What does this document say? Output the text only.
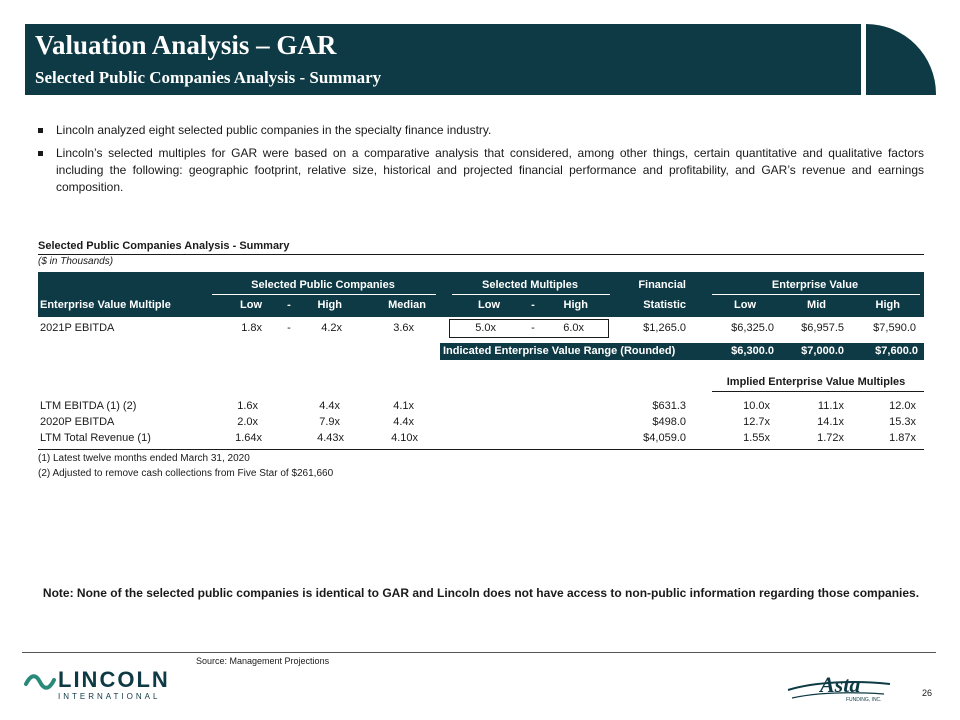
Valuation Analysis – GAR
Selected Public Companies Analysis - Summary
Lincoln analyzed eight selected public companies in the specialty finance industry.
Lincoln’s selected multiples for GAR were based on a comparative analysis that considered, among other things, certain quantitative and qualitative factors including the following: geographic footprint, relative size, historical and projected financial performance and profitability, and GAR’s revenue and earnings composition.
Selected Public Companies Analysis - Summary
($ in Thousands)
Selected Public Companies	Selected Multiples	Financial	Enterprise Value
Enterprise Value Multiple	Low	-	High	Median	Low	-	High	Statistic	Low	Mid	High
2021P EBITDA	1.8x	-	4.2x	3.6x	5.0x	-	6.0x	$1,265.0	$6,325.0	$6,957.5	$7,590.0
Indicated Enterprise Value Range (Rounded)	$6,300.0	$7,000.0	$7,600.0
Implied Enterprise Value Multiples
LTM EBITDA (1) (2)	1.6x	4.4x	4.1x	$631.3	10.0x	11.1x	12.0x
2020P EBITDA	2.0x	7.9x	4.4x	$498.0	12.7x	14.1x	15.3x
LTM Total Revenue (1)	1.64x	4.43x	4.10x	$4,059.0	1.55x	1.72x	1.87x
(1) Latest twelve months ended March 31, 2020
(2) Adjusted to remove cash collections from Five Star of $261,660
Note: None of the selected public companies is identical to GAR and Lincoln does not have access to non-public information regarding those companies.
Source: Management Projections
LINCOLN
INTERNATIONAL	Asta
FUNDING, INC.
26
